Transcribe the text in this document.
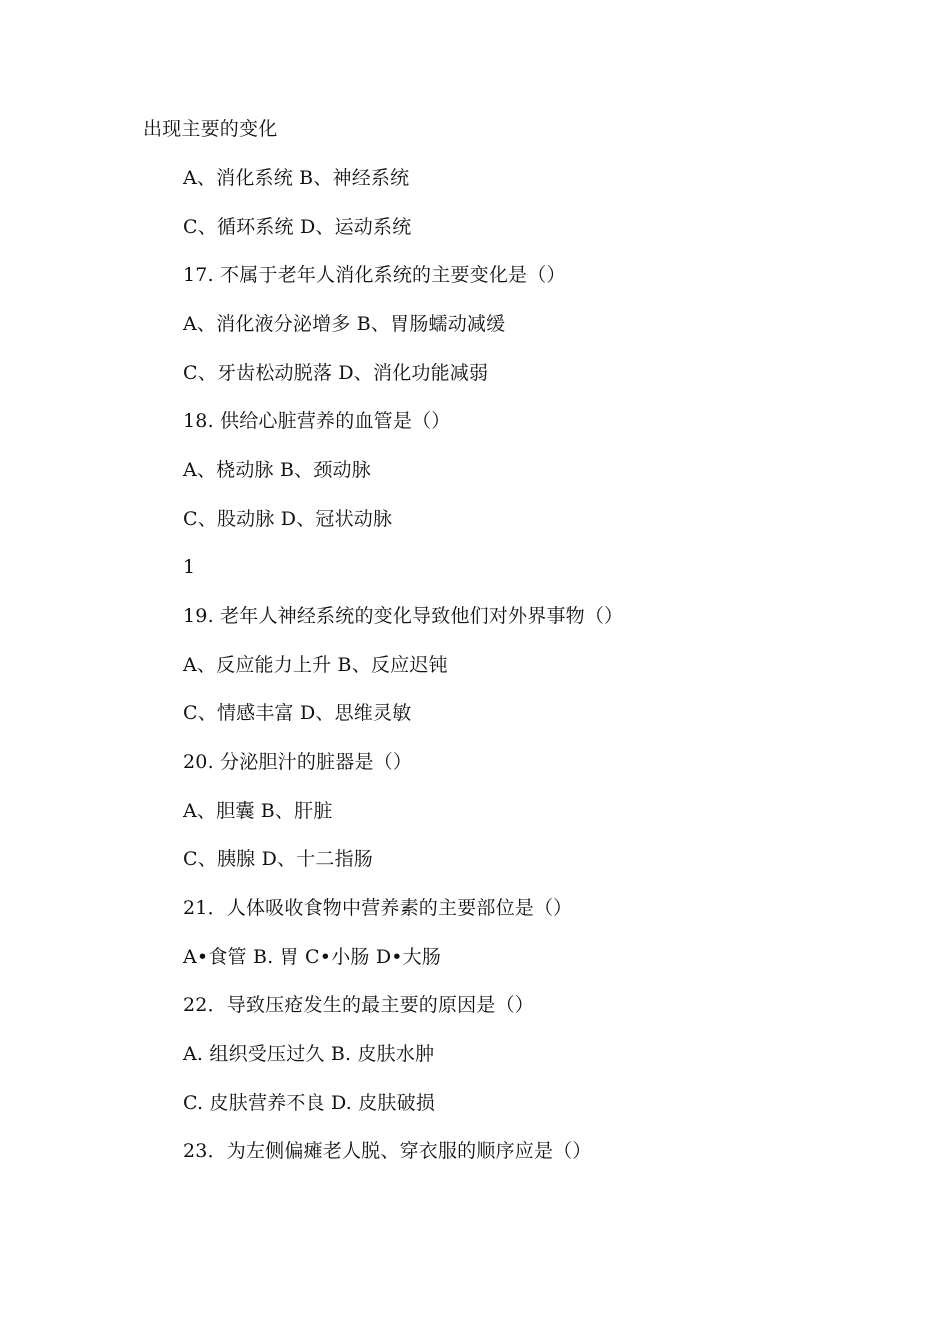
出现主要的变化
A、消化系统 B、神经系统
C、循环系统 D、运动系统
17. 不属于老年人消化系统的主要变化是（）
A、消化液分泌增多 B、胃肠蠕动减缓
C、牙齿松动脱落 D、消化功能减弱
18. 供给心脏营养的血管是（）
A、桡动脉 B、颈动脉
C、股动脉 D、冠状动脉
1
19. 老年人神经系统的变化导致他们对外界事物（）
A、反应能力上升 B、反应迟钝
C、情感丰富 D、思维灵敏
20. 分泌胆汁的脏器是（）
A、胆囊 B、肝脏
C、胰腺 D、十二指肠
21．人体吸收食物中营养素的主要部位是（）
A•食管 B. 胃 C•小肠 D•大肠
22．导致压疮发生的最主要的原因是（）
A. 组织受压过久 B. 皮肤水肿
C. 皮肤营养不良 D. 皮肤破损
23．为左侧偏瘫老人脱、穿衣服的顺序应是（）
